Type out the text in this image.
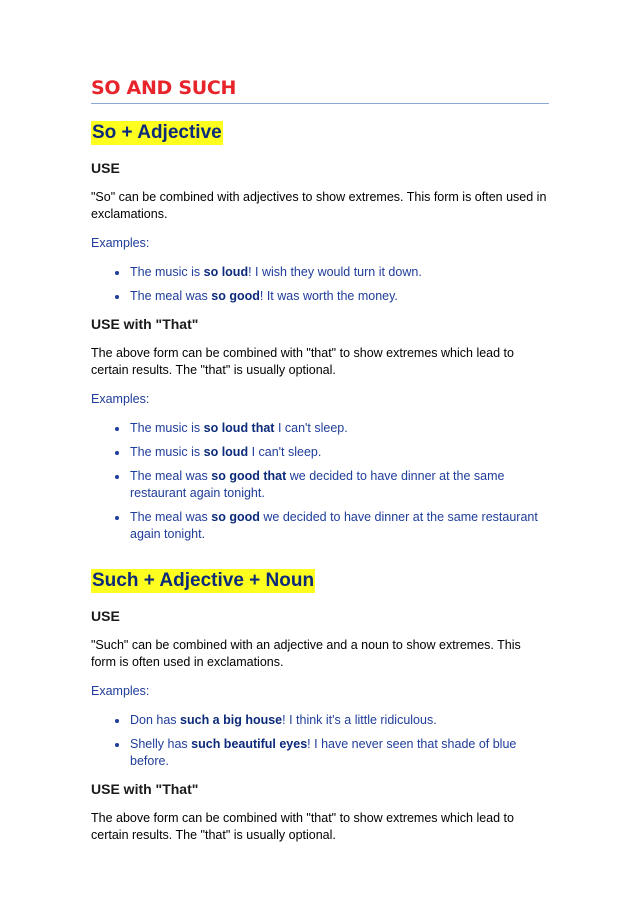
SO AND SUCH
So + Adjective
USE

"So" can be combined with adjectives to show extremes. This form is often used in exclamations.

Examples:

The music is so loud! I wish they would turn it down.
The meal was so good! It was worth the money.
USE with "That"

The above form can be combined with "that" to show extremes which lead to certain results. The "that" is usually optional.

Examples:

The music is so loud that I can't sleep.
The music is so loud I can't sleep.
The meal was so good that we decided to have dinner at the same restaurant again tonight.
The meal was so good we decided to have dinner at the same restaurant again tonight.
Such + Adjective + Noun
USE

"Such" can be combined with an adjective and a noun to show extremes. This form is often used in exclamations.

Examples:

Don has such a big house! I think it's a little ridiculous.
Shelly has such beautiful eyes! I have never seen that shade of blue before.
USE with "That"

The above form can be combined with "that" to show extremes which lead to certain results. The "that" is usually optional.
